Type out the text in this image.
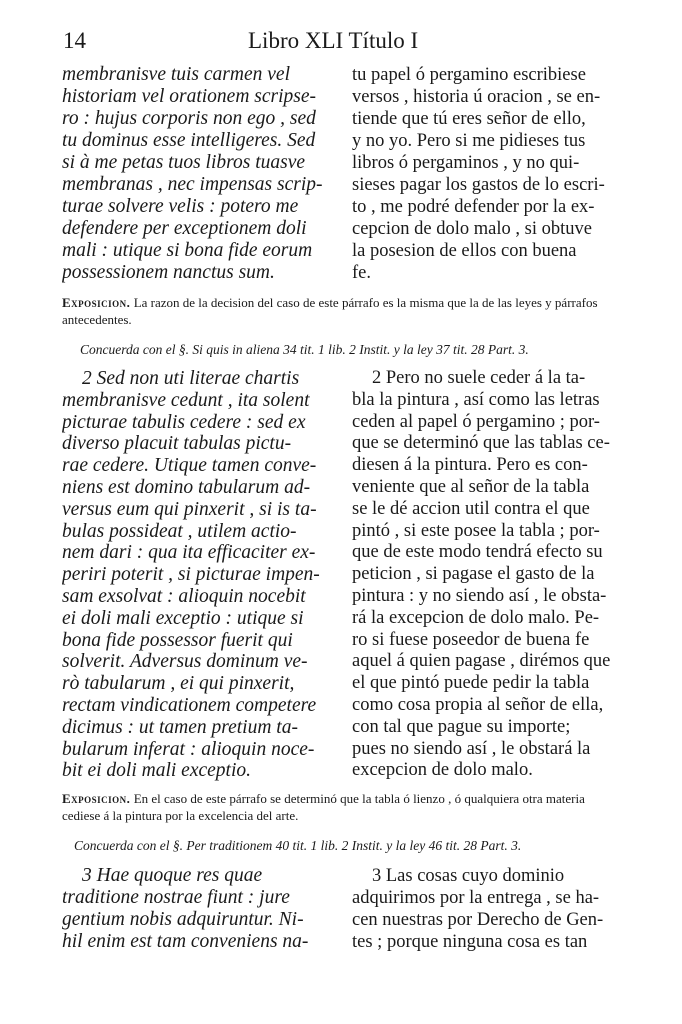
14	Libro XLI Título I
membranisve tuis carmen vel
historiam vel orationem scripse-
ro : hujus corporis non ego , sed
tu dominus esse intelligeres. Sed
si à me petas tuos libros tuasve
membranas , nec impensas scrip-
turae solvere velis : potero me
defendere per exceptionem doli
mali : utique si bona fide eorum
possessionem nanctus sum.
tu papel ó pergamino escribiese
versos , historia ú oracion , se en-
tiende que tú eres señor de ello,
y no yo. Pero si me pidieses tus
libros ó pergaminos , y no qui-
sieses pagar los gastos de lo escri-
to , me podré defender por la ex-
cepcion de dolo malo , si obtuve
la posesion de ellos con buena
fe.
Exposicion. La razon de la decision del caso de este párrafo es la misma que la de las leyes y párrafos antecedentes.
Concuerda con el §. Si quis in aliena 34 tit. 1 lib. 2 Instit. y la ley 37 tit. 28 Part. 3.
2 Sed non uti literae chartis
membranisve cedunt , ita solent
picturae tabulis cedere : sed ex
diverso placuit tabulas pictu-
rae cedere. Utique tamen conve-
niens est domino tabularum ad-
versus eum qui pinxerit , si is ta-
bulas possideat , utilem actio-
nem dari : qua ita efficaciter ex-
periri poterit , si picturae impen-
sam exsolvat : alioquin nocebit
ei doli mali exceptio : utique si
bona fide possessor fuerit qui
solverit. Adversus dominum ve-
rò tabularum , ei qui pinxerit,
rectam vindicationem competere
dicimus : ut tamen pretium ta-
bularum inferat : alioquin noce-
bit ei doli mali exceptio.
2 Pero no suele ceder á la ta-
bla la pintura , así como las letras
ceden al papel ó pergamino ; por-
que se determinó que las tablas ce-
diesen á la pintura. Pero es con-
veniente que al señor de la tabla
se le dé accion util contra el que
pintó , si este posee la tabla ; por-
que de este modo tendrá efecto su
peticion , si pagase el gasto de la
pintura : y no siendo así , le obsta-
rá la excepcion de dolo malo. Pe-
ro si fuese poseedor de buena fe
aquel á quien pagase , dirémos que
el que pintó puede pedir la tabla
como cosa propia al señor de ella,
con tal que pague su importe;
pues no siendo así , le obstará la
excepcion de dolo malo.
Exposicion. En el caso de este párrafo se determinó que la tabla ó lienzo , ó qualquiera otra materia cediese á la pintura por la excelencia del arte.
Concuerda con el §. Per traditionem 40 tit. 1 lib. 2 Instit. y la ley 46 tit. 28 Part. 3.
3 Hae quoque res quae
traditione nostrae fiunt : jure
gentium nobis adquiruntur. Ni-
hil enim est tam conveniens na-
3 Las cosas cuyo dominio
adquirimos por la entrega , se ha-
cen nuestras por Derecho de Gen-
tes ; porque ninguna cosa es tan
